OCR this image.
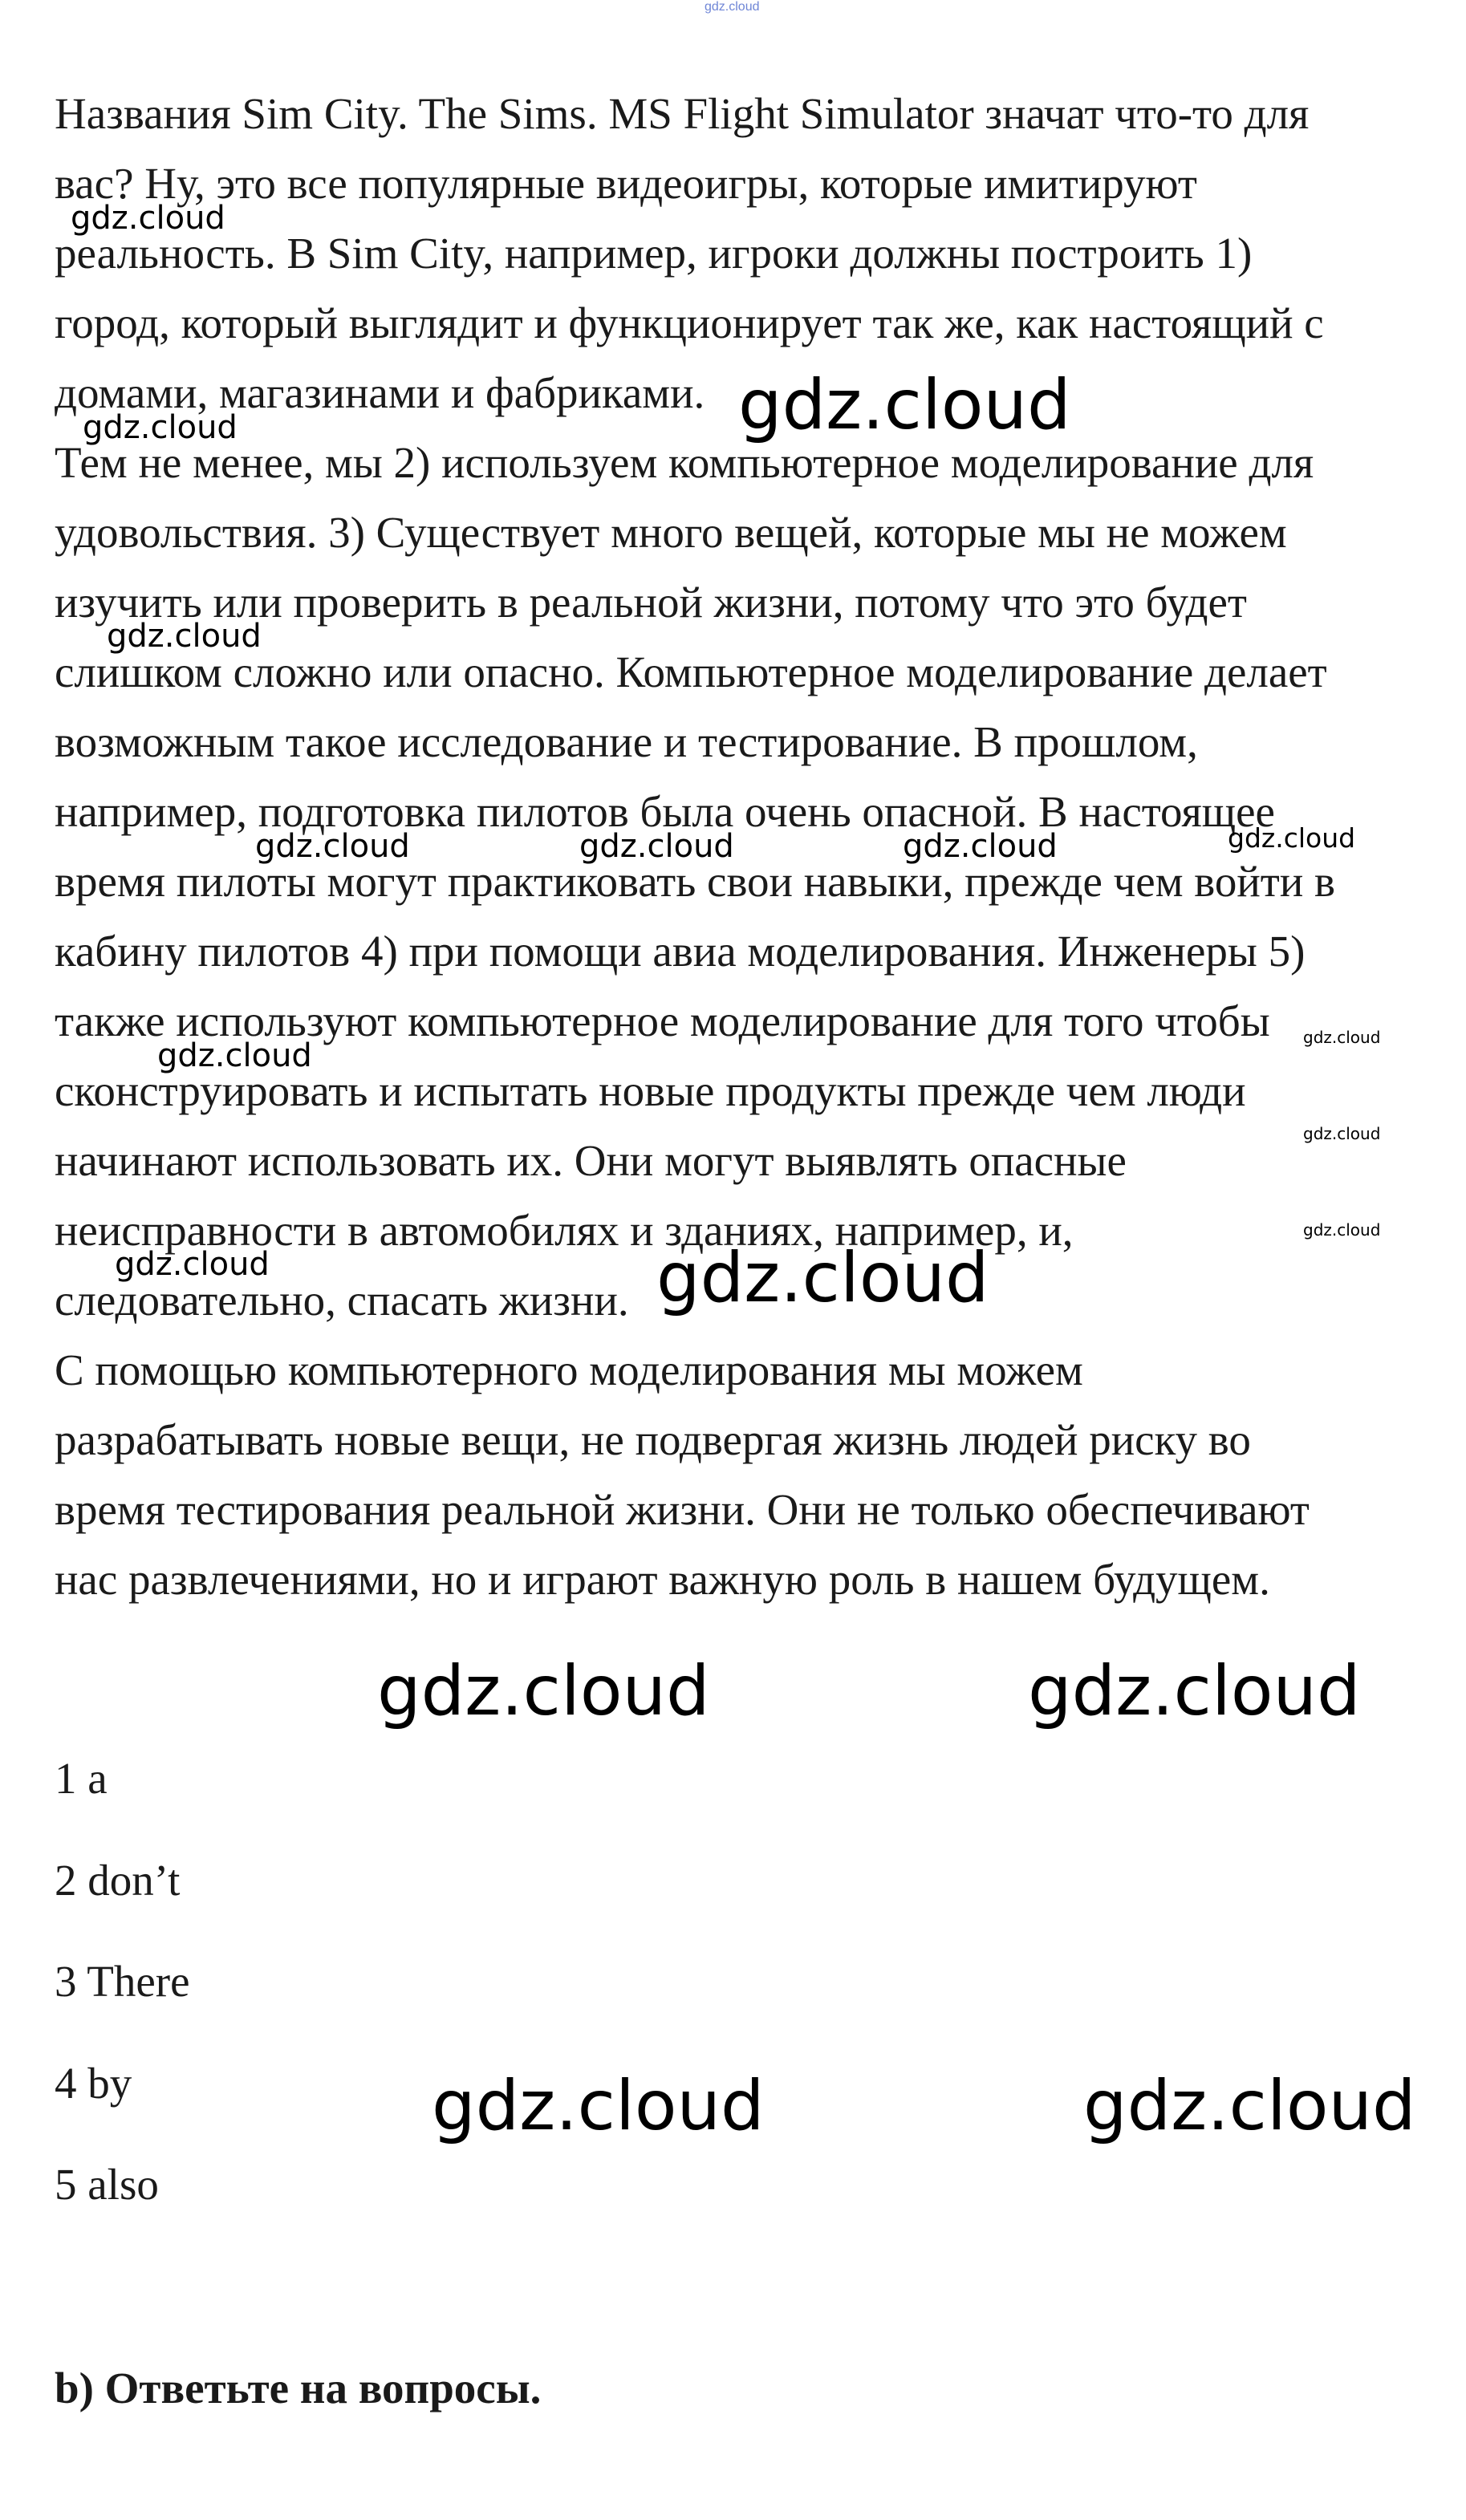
gdz.cloud
Названия Sim City. The Sims. MS Flight Simulator значат что-то для
вас? Ну, это все популярные видеоигры, которые имитируют
реальность. В Sim City, например, игроки должны построить 1)
город, который выглядит и функционирует так же, как настоящий с
домами, магазинами и фабриками.
Тем не менее, мы 2) используем компьютерное моделирование для
удовольствия. 3) Существует много вещей, которые мы не можем
изучить или проверить в реальной жизни, потому что это будет
слишком сложно или опасно. Компьютерное моделирование делает
возможным такое исследование и тестирование. В прошлом,
например, подготовка пилотов была очень опасной. В настоящее
время пилоты могут практиковать свои навыки, прежде чем войти в
кабину пилотов 4) при помощи авиа моделирования. Инженеры 5)
также используют компьютерное моделирование для того чтобы
сконструировать и испытать новые продукты прежде чем люди
начинают использовать их. Они могут выявлять опасные
неисправности в автомобилях и зданиях, например, и,
следовательно, спасать жизни.
С помощью компьютерного моделирования мы можем
разрабатывать новые вещи, не подвергая жизнь людей риску во
время тестирования реальной жизни. Они не только обеспечивают
нас развлечениями, но и играют важную роль в нашем будущем.
1 a
2 don’t
3 There
4 by
5 also
b) Ответьте на вопросы.
gdz.cloud
gdz.cloud
gdz.cloud
gdz.cloud
gdz.cloud	gdz.cloud	gdz.cloud	gdz.cloud
gdz.cloud	gdz.cloud
gdz.cloud
gdz.cloud
gdz.cloud	gdz.cloud
gdz.cloud	gdz.cloud
gdz.cloud	gdz.cloud
